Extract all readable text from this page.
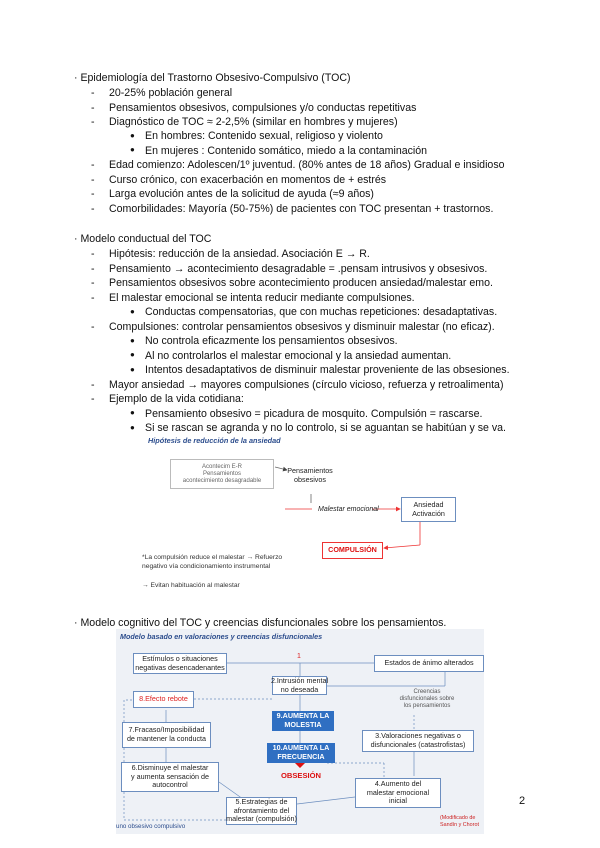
· Epidemiología del Trastorno Obsesivo-Compulsivo (TOC)
- 20-25% población general
- Pensamientos obsesivos, compulsiones y/o conductas repetitivas
- Diagnóstico de TOC ≈ 2-2,5% (similar en hombres y mujeres)
● En hombres: Contenido sexual, religioso y violento
● En mujeres : Contenido somático, miedo a la contaminación
- Edad comienzo: Adolescen/1º juventud. (80% antes de 18 años) Gradual e insidioso
- Curso crónico, con exacerbación en momentos de + estrés
- Larga evolución antes de la solicitud de ayuda (≈9 años)
- Comorbilidades: Mayoría (50-75%) de pacientes con TOC presentan + trastornos.
· Modelo conductual del TOC
- Hipótesis: reducción de la ansiedad. Asociación E → R.
- Pensamiento → acontecimiento desagradable = .pensam intrusivos y obsesivos.
- Pensamientos obsesivos sobre acontecimiento producen ansiedad/malestar emo.
- El malestar emocional se intenta reducir mediante compulsiones.
● Conductas compensatorias, que con muchas repeticiones: desadaptativas.
- Compulsiones: controlar pensamientos obsesivos y disminuir malestar (no eficaz).
● No controla eficazmente los pensamientos obsesivos.
● Al no controlarlos el malestar emocional y la ansiedad aumentan.
● Intentos desadaptativos de disminuir malestar proveniente de las obsesiones.
- Mayor ansiedad → mayores compulsiones (círculo vicioso, refuerza y retroalimenta)
- Ejemplo de la vida cotidiana:
● Pensamiento obsesivo = picadura de mosquito. Compulsión = rascarse.
● Si se rascan se agranda y no lo controlo, si se aguantan se habitúan y se va.
Hipótesis de reducción de la ansiedad
Acontecim E-R
Pensamientos
acontecimiento desagradable
Pensamientos
obsesivos
Malestar emocional
Ansiedad
Activación
COMPULSIÓN
*La compulsión reduce el malestar → Refuerzo
negativo vía condicionamiento instrumental
→ Evitan habituación al malestar
· Modelo cognitivo del TOC y creencias disfuncionales sobre los pensamientos.
Modelo basado en valoraciones y creencias disfuncionales
Estímulos o situaciones
negativas desencadenantes
1
Estados de ánimo alterados
2.Intrusión mental
no deseada	Creencias
disfuncionales sobre
los pensamientos
8.Efecto rebote
9.AUMENTA LA
MOLESTIA
7.Fracaso/Imposibilidad
de mantener la conducta
10.AUMENTA LA
FRECUENCIA
3.Valoraciones negativas o
disfuncionales (catastrofistas)
OBSESIÓN
6.Disminuye el malestar
y aumenta sensación de
autocontrol	4.Aumento del
malestar emocional
inicial
5.Estrategias de
afrontamiento del
malestar (compulsión)
uno obsesivo compulsivo
(Modificado de
Sandín y Chorot
2
